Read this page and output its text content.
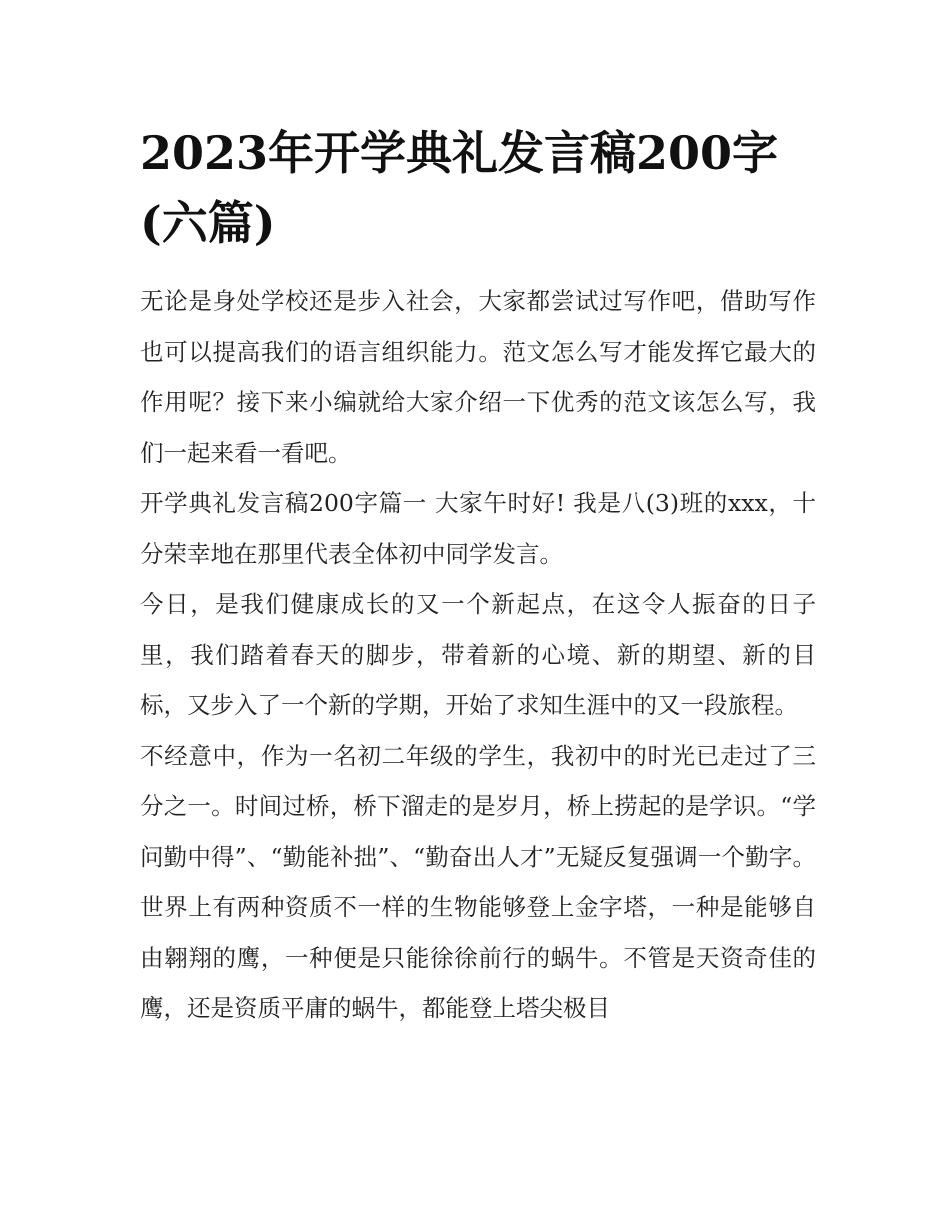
2023年开学典礼发言稿200字(六篇)

无论是身处学校还是步入社会，大家都尝试过写作吧，借助写作也可以提高我们的语言组织能力。范文怎么写才能发挥它最大的作用呢？接下来小编就给大家介绍一下优秀的范文该怎么写，我们一起来看一看吧。

开学典礼发言稿200字篇一 大家午时好! 我是八(3)班的xxx，十分荣幸地在那里代表全体初中同学发言。

今日，是我们健康成长的又一个新起点，在这令人振奋的日子里，我们踏着春天的脚步，带着新的心境、新的期望、新的目标，又步入了一个新的学期，开始了求知生涯中的又一段旅程。

不经意中，作为一名初二年级的学生，我初中的时光已走过了三分之一。时间过桥，桥下溜走的是岁月，桥上捞起的是学识。“学问勤中得”、“勤能补拙”、“勤奋出人才”无疑反复强调一个勤字。世界上有两种资质不一样的生物能够登上金字塔，一种是能够自由翱翔的鹰，一种便是只能徐徐前行的蜗牛。不管是天资奇佳的鹰，还是资质平庸的蜗牛，都能登上塔尖极目
